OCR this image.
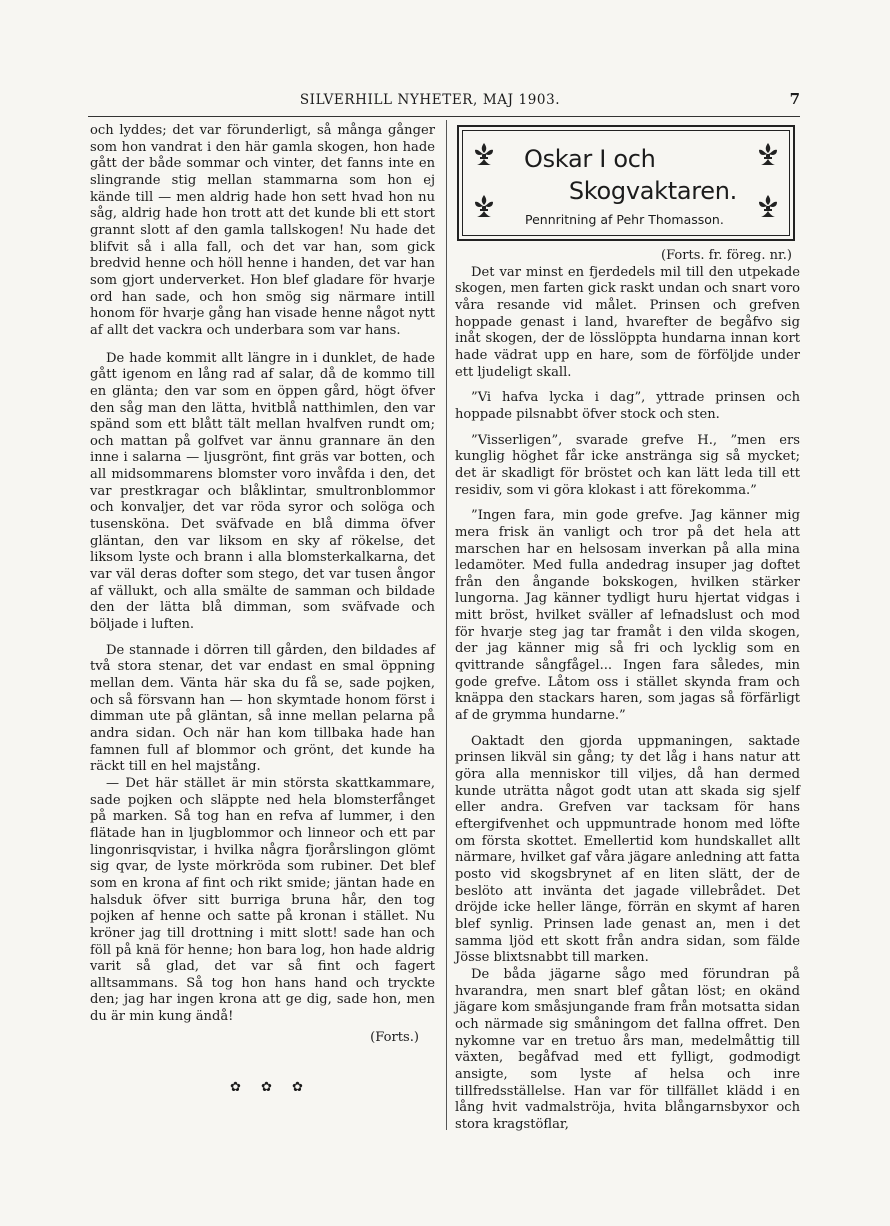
SILVERHILL NYHETER, MAJ 1903.	7

och lyddes; det var förunderligt, så många gånger som hon vandrat i den här gamla skogen, hon hade gått der både sommar och vinter, det fanns inte en slingrande stig mellan stammarna som hon ej kände till — men aldrig hade hon sett hvad hon nu såg, aldrig hade hon trott att det kunde bli ett stort grannt slott af den gamla tallskogen! Nu hade det blifvit så i alla fall, och det var han, som gick bredvid henne och höll henne i handen, det var han som gjort underverket. Hon blef gladare för hvarje ord han sade, och hon smög sig närmare intill honom för hvarje gång han visade henne något nytt af allt det vackra och underbara som var hans.

De hade kommit allt längre in i dunklet, de hade gått igenom en lång rad af salar, då de kommo till en glänta; den var som en öppen gård, högt öfver den såg man den lätta, hvitblå natthimlen, den var spänd som ett blått tält mellan hvalfven rundt om; och mattan på golfvet var ännu grannare än den inne i salarna — ljusgrönt, fint gräs var botten, och all midsommarens blomster voro invåfda i den, det var prestkragar och blåklintar, smultronblommor och konvaljer, det var röda syror och solöga och tusensköna. Det sväfvade en blå dimma öfver gläntan, den var liksom en sky af rökelse, det liksom lyste och brann i alla blomsterkalkarna, det var väl deras dofter som stego, det var tusen ångor af vällukt, och alla smälte de samman och bildade den der lätta blå dimman, som sväfvade och böljade i luften.

De stannade i dörren till gården, den bildades af två stora stenar, det var endast en smal öppning mellan dem. Vänta här ska du få se, sade pojken, och så försvann han — hon skymtade honom först i dimman ute på gläntan, så inne mellan pelarna på andra sidan. Och när han kom tillbaka hade han famnen full af blommor och grönt, det kunde ha räckt till en hel majstång.

— Det här stället är min största skattkammare, sade pojken och släppte ned hela blomsterfånget på marken. Så tog han en refva af lummer, i den flätade han in ljugblommor och linneor och ett par lingonrisqvistar, i hvilka några fjorårslingon glömt sig qvar, de lyste mörkröda som rubiner. Det blef som en krona af fint och rikt smide; jäntan hade en halsduk öfver sitt burriga bruna hår, den tog pojken af henne och satte på kronan i stället. Nu kröner jag till drottning i mitt slott! sade han och föll på knä för henne; hon bara log, hon hade aldrig varit så glad, det var så fint och fagert alltsammans. Så tog hon hans hand och tryckte den; jag har ingen krona att ge dig, sade hon, men du är min kung ändå!

(Forts.)
✿ ✿ ✿
Oskar I och
Skogvaktaren.
Pennritning af Pehr Thomasson.
(Forts. fr. föreg. nr.)

Det var minst en fjerdedels mil till den utpekade skogen, men farten gick raskt undan och snart voro våra resande vid målet. Prinsen och grefven hoppade genast i land, hvarefter de begåfvo sig inåt skogen, der de lösslöppta hundarna innan kort hade vädrat upp en hare, som de förföljde under ett ljudeligt skall.

”Vi hafva lycka i dag”, yttrade prinsen och hoppade pilsnabbt öfver stock och sten.

”Visserligen”, svarade grefve H., ”men ers kunglig höghet får icke anstränga sig så mycket; det är skadligt för bröstet och kan lätt leda till ett residiv, som vi göra klokast i att förekomma.”

”Ingen fara, min gode grefve. Jag känner mig mera frisk än vanligt och tror på det hela att marschen har en helsosam inverkan på alla mina ledamöter. Med fulla andedrag insuper jag doftet från den ångande bokskogen, hvilken stärker lungorna. Jag känner tydligt huru hjertat vidgas i mitt bröst, hvilket sväller af lefnadslust och mod för hvarje steg jag tar framåt i den vilda skogen, der jag känner mig så fri och lycklig som en qvittrande sångfågel... Ingen fara således, min gode grefve. Låtom oss i stället skynda fram och knäppa den stackars haren, som jagas så förfärligt af de grymma hundarne.”

Oaktadt den gjorda uppmaningen, saktade prinsen likväl sin gång; ty det låg i hans natur att göra alla menniskor till viljes, då han dermed kunde uträtta något godt utan att skada sig sjelf eller andra. Grefven var tacksam för hans eftergifvenhet och uppmuntrade honom med löfte om första skottet. Emellertid kom hundskallet allt närmare, hvilket gaf våra jägare anledning att fatta posto vid skogsbrynet af en liten slätt, der de beslöto att invänta det jagade villebrådet. Det dröjde icke heller länge, förrän en skymt af haren blef synlig. Prinsen lade genast an, men i det samma ljöd ett skott från andra sidan, som fälde Jösse blixtsnabbt till marken.

De båda jägarne sågo med förundran på hvarandra, men snart blef gåtan löst; en okänd jägare kom småsjungande fram från motsatta sidan och närmade sig småningom det fallna offret. Den nykomne var en tretuo års man, medelmåttig till växten, begåfvad med ett fylligt, godmodigt ansigte, som lyste af helsa och inre tillfredsställelse. Han var för tillfället klädd i en lång hvit vadmalströja, hvita blångarnsbyxor och stora kragstöflar,
